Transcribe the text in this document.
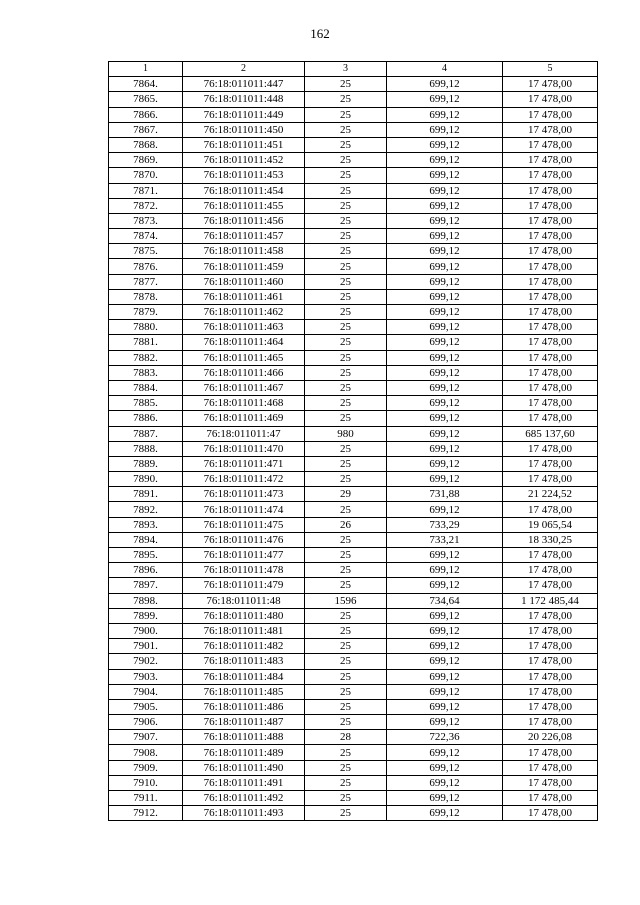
162
1	2	3	4	5
7864.	76:18:011011:447	25	699,12	17 478,00
7865.	76:18:011011:448	25	699,12	17 478,00
7866.	76:18:011011:449	25	699,12	17 478,00
7867.	76:18:011011:450	25	699,12	17 478,00
7868.	76:18:011011:451	25	699,12	17 478,00
7869.	76:18:011011:452	25	699,12	17 478,00
7870.	76:18:011011:453	25	699,12	17 478,00
7871.	76:18:011011:454	25	699,12	17 478,00
7872.	76:18:011011:455	25	699,12	17 478,00
7873.	76:18:011011:456	25	699,12	17 478,00
7874.	76:18:011011:457	25	699,12	17 478,00
7875.	76:18:011011:458	25	699,12	17 478,00
7876.	76:18:011011:459	25	699,12	17 478,00
7877.	76:18:011011:460	25	699,12	17 478,00
7878.	76:18:011011:461	25	699,12	17 478,00
7879.	76:18:011011:462	25	699,12	17 478,00
7880.	76:18:011011:463	25	699,12	17 478,00
7881.	76:18:011011:464	25	699,12	17 478,00
7882.	76:18:011011:465	25	699,12	17 478,00
7883.	76:18:011011:466	25	699,12	17 478,00
7884.	76:18:011011:467	25	699,12	17 478,00
7885.	76:18:011011:468	25	699,12	17 478,00
7886.	76:18:011011:469	25	699,12	17 478,00
7887.	76:18:011011:47	980	699,12	685 137,60
7888.	76:18:011011:470	25	699,12	17 478,00
7889.	76:18:011011:471	25	699,12	17 478,00
7890.	76:18:011011:472	25	699,12	17 478,00
7891.	76:18:011011:473	29	731,88	21 224,52
7892.	76:18:011011:474	25	699,12	17 478,00
7893.	76:18:011011:475	26	733,29	19 065,54
7894.	76:18:011011:476	25	733,21	18 330,25
7895.	76:18:011011:477	25	699,12	17 478,00
7896.	76:18:011011:478	25	699,12	17 478,00
7897.	76:18:011011:479	25	699,12	17 478,00
7898.	76:18:011011:48	1596	734,64	1 172 485,44
7899.	76:18:011011:480	25	699,12	17 478,00
7900.	76:18:011011:481	25	699,12	17 478,00
7901.	76:18:011011:482	25	699,12	17 478,00
7902.	76:18:011011:483	25	699,12	17 478,00
7903.	76:18:011011:484	25	699,12	17 478,00
7904.	76:18:011011:485	25	699,12	17 478,00
7905.	76:18:011011:486	25	699,12	17 478,00
7906.	76:18:011011:487	25	699,12	17 478,00
7907.	76:18:011011:488	28	722,36	20 226,08
7908.	76:18:011011:489	25	699,12	17 478,00
7909.	76:18:011011:490	25	699,12	17 478,00
7910.	76:18:011011:491	25	699,12	17 478,00
7911.	76:18:011011:492	25	699,12	17 478,00
7912.	76:18:011011:493	25	699,12	17 478,00
